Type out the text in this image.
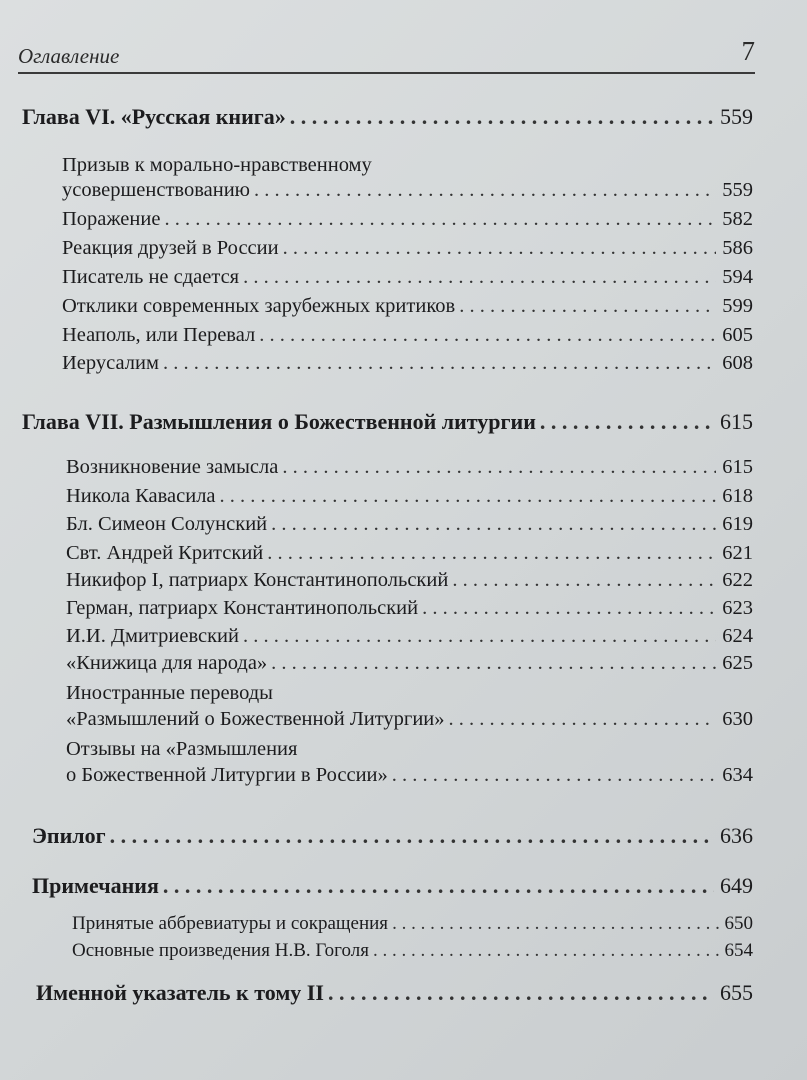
Оглавление	7
Глава VI. «Русская книга» . . .	559
Призыв к морально-нравственному
усовершенствованию . . .	559
Поражение . . .	582
Реакция друзей в России . . .	586
Писатель не сдается . . .	594
Отклики современных зарубежных критиков . . .	599
Неаполь, или Перевал . . .	605
Иерусалим . . .	608
Глава VII. Размышления о Божественной литургии . . .	615
Возникновение замысла . . .	615
Никола Кавасила . . .	618
Бл. Симеон Солунский . . .	619
Свт. Андрей Критский . . .	621
Никифор I, патриарх Константинопольский . . .	622
Герман, патриарх Константинопольский . . .	623
И.И. Дмитриевский . . .	624
«Книжица для народа» . . .	625
Иностранные переводы
«Размышлений о Божественной Литургии» . . .	630
Отзывы на «Размышления
о Божественной Литургии в России» . . .	634
Эпилог . . .	636
Примечания . . .	649
Принятые аббревиатуры и сокращения . . .	650
Основные произведения Н.В. Гоголя . . .	654
Именной указатель к тому II . . .	655
